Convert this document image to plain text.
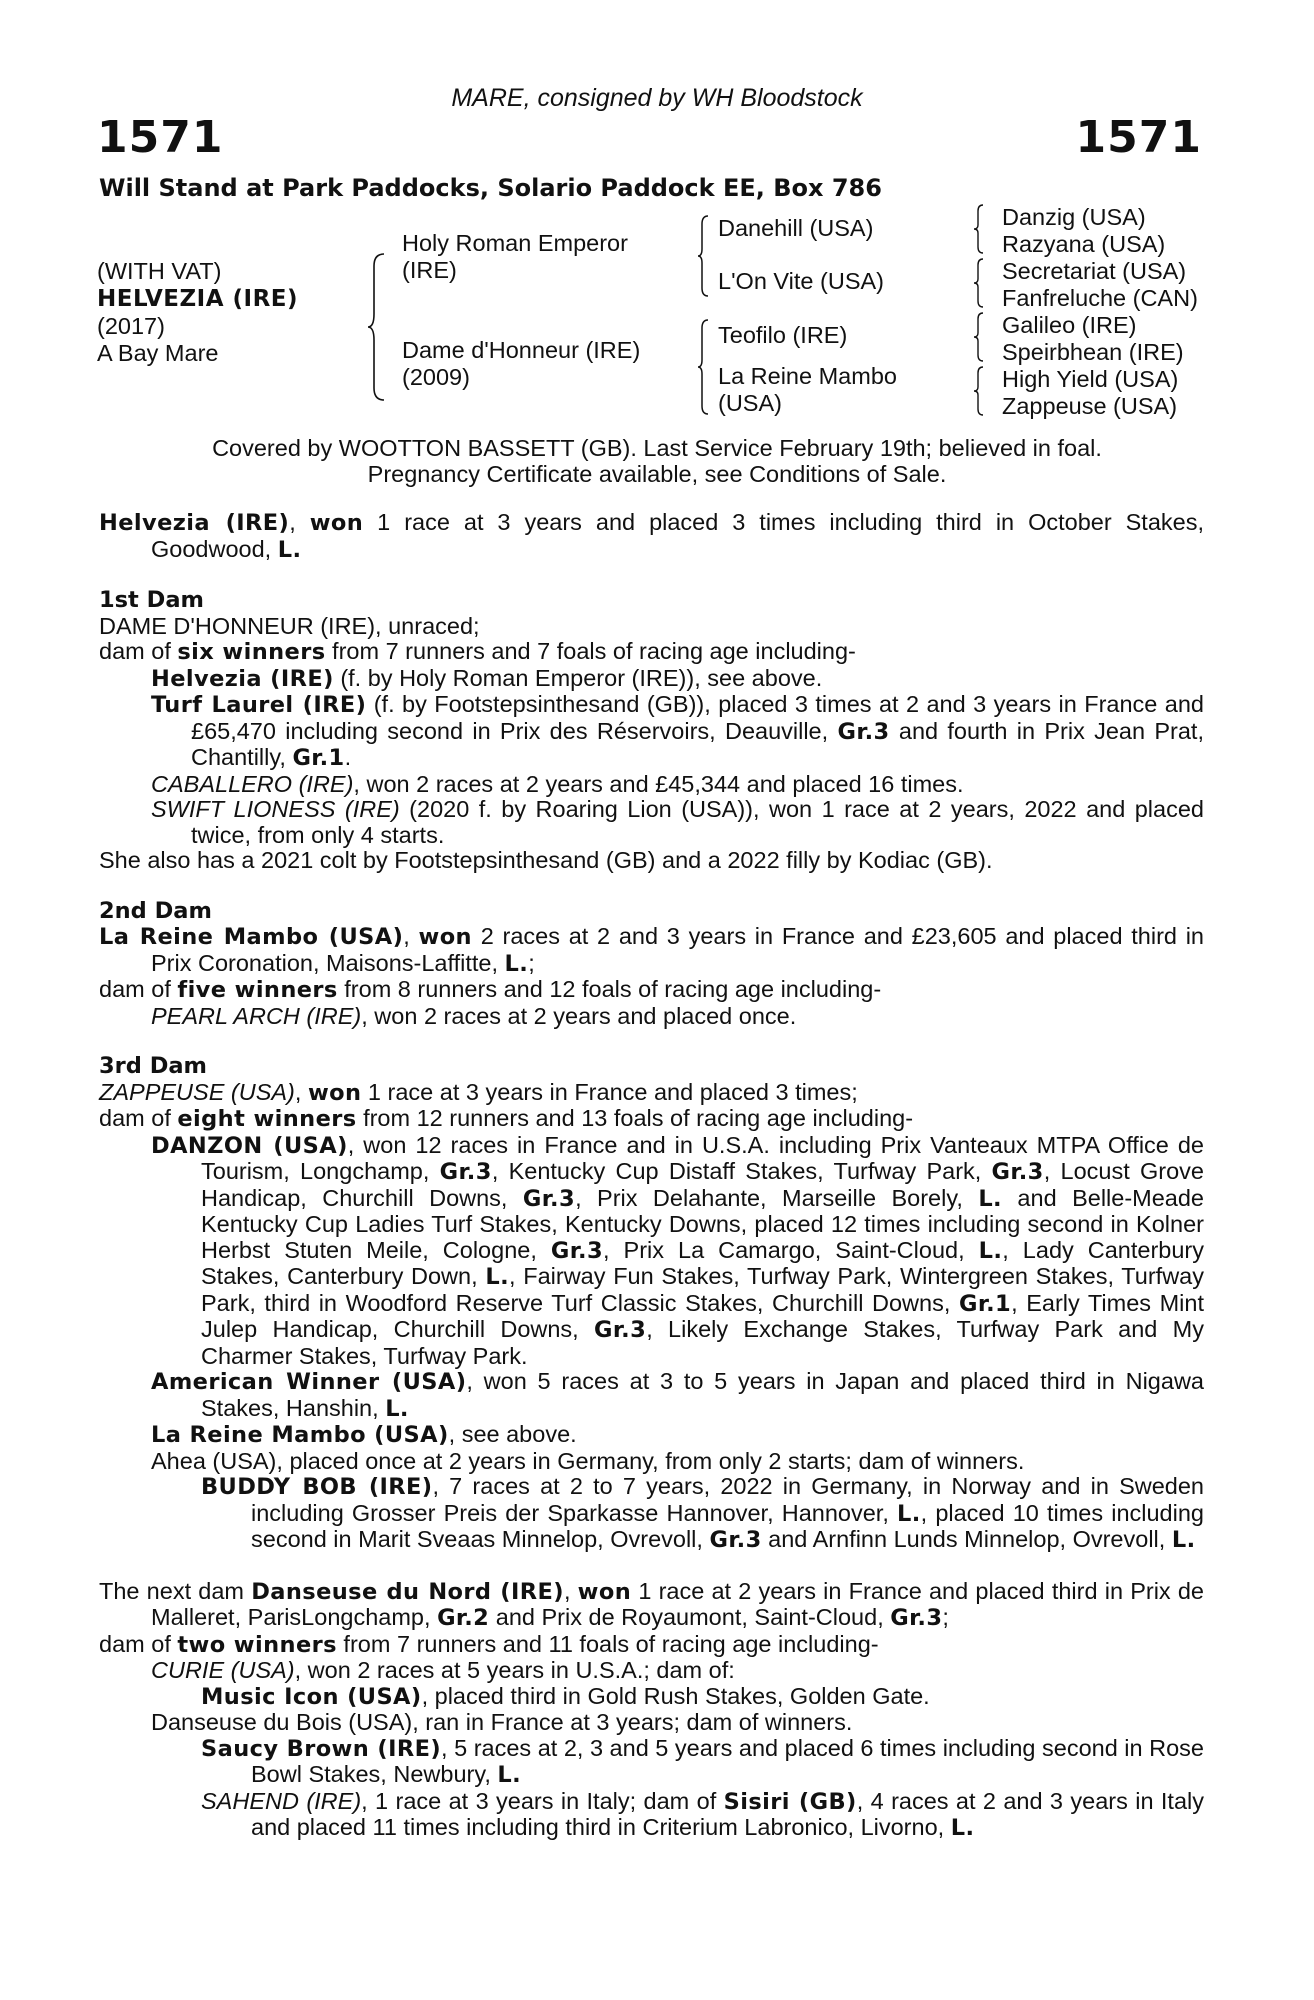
MARE, consigned by WH Bloodstock
1571	1571
Will Stand at Park Paddocks, Solario Paddock EE, Box 786
(WITH VAT)
HELVEZIA (IRE)
(2017)
A Bay Mare
Holy Roman Emperor
(IRE)
Dame d'Honneur (IRE)
(2009)
Danehill (USA)
L'On Vite (USA)
Teofilo (IRE)
La Reine Mambo
(USA)
Danzig (USA)
Razyana (USA)
Secretariat (USA)
Fanfreluche (CAN)
Galileo (IRE)
Speirbhean (IRE)
High Yield (USA)
Zappeuse (USA)
Covered by WOOTTON BASSETT (GB). Last Service February 19th; believed in foal.
Pregnancy Certificate available, see Conditions of Sale.

Helvezia (IRE), won 1 race at 3 years and placed 3 times including third in October Stakes, Goodwood, L.

1st Dam

DAME D'HONNEUR (IRE), unraced;

dam of six winners from 7 runners and 7 foals of racing age including-

Helvezia (IRE) (f. by Holy Roman Emperor (IRE)), see above.

Turf Laurel (IRE) (f. by Footstepsinthesand (GB)), placed 3 times at 2 and 3 years in France and £65,470 including second in Prix des Réservoirs, Deauville, Gr.3 and fourth in Prix Jean Prat, Chantilly, Gr.1.

CABALLERO (IRE), won 2 races at 2 years and £45,344 and placed 16 times.

SWIFT LIONESS (IRE) (2020 f. by Roaring Lion (USA)), won 1 race at 2 years, 2022 and placed twice, from only 4 starts.

She also has a 2021 colt by Footstepsinthesand (GB) and a 2022 filly by Kodiac (GB).

2nd Dam

La Reine Mambo (USA), won 2 races at 2 and 3 years in France and £23,605 and placed third in Prix Coronation, Maisons-Laffitte, L.;

dam of five winners from 8 runners and 12 foals of racing age including-

PEARL ARCH (IRE), won 2 races at 2 years and placed once.

3rd Dam

ZAPPEUSE (USA), won 1 race at 3 years in France and placed 3 times;

dam of eight winners from 12 runners and 13 foals of racing age including-

DANZON (USA), won 12 races in France and in U.S.A. including Prix Vanteaux MTPA Office de Tourism, Longchamp, Gr.3, Kentucky Cup Distaff Stakes, Turfway Park, Gr.3, Locust Grove Handicap, Churchill Downs, Gr.3, Prix Delahante, Marseille Borely, L. and Belle-Meade Kentucky Cup Ladies Turf Stakes, Kentucky Downs, placed 12 times including second in Kolner Herbst Stuten Meile, Cologne, Gr.3, Prix La Camargo, Saint-Cloud, L., Lady Canterbury Stakes, Canterbury Down, L., Fairway Fun Stakes, Turfway Park, Wintergreen Stakes, Turfway Park, third in Woodford Reserve Turf Classic Stakes, Churchill Downs, Gr.1, Early Times Mint Julep Handicap, Churchill Downs, Gr.3, Likely Exchange Stakes, Turfway Park and My Charmer Stakes, Turfway Park.

American Winner (USA), won 5 races at 3 to 5 years in Japan and placed third in Nigawa Stakes, Hanshin, L.

La Reine Mambo (USA), see above.

Ahea (USA), placed once at 2 years in Germany, from only 2 starts; dam of winners.

BUDDY BOB (IRE), 7 races at 2 to 7 years, 2022 in Germany, in Norway and in Sweden including Grosser Preis der Sparkasse Hannover, Hannover, L., placed 10 times including second in Marit Sveaas Minnelop, Ovrevoll, Gr.3 and Arnfinn Lunds Minnelop, Ovrevoll, L.

The next dam Danseuse du Nord (IRE), won 1 race at 2 years in France and placed third in Prix de Malleret, ParisLongchamp, Gr.2 and Prix de Royaumont, Saint-Cloud, Gr.3;

dam of two winners from 7 runners and 11 foals of racing age including-

CURIE (USA), won 2 races at 5 years in U.S.A.; dam of:

Music Icon (USA), placed third in Gold Rush Stakes, Golden Gate.

Danseuse du Bois (USA), ran in France at 3 years; dam of winners.

Saucy Brown (IRE), 5 races at 2, 3 and 5 years and placed 6 times including second in Rose Bowl Stakes, Newbury, L.

SAHEND (IRE), 1 race at 3 years in Italy; dam of Sisiri (GB), 4 races at 2 and 3 years in Italy and placed 11 times including third in Criterium Labronico, Livorno, L.
